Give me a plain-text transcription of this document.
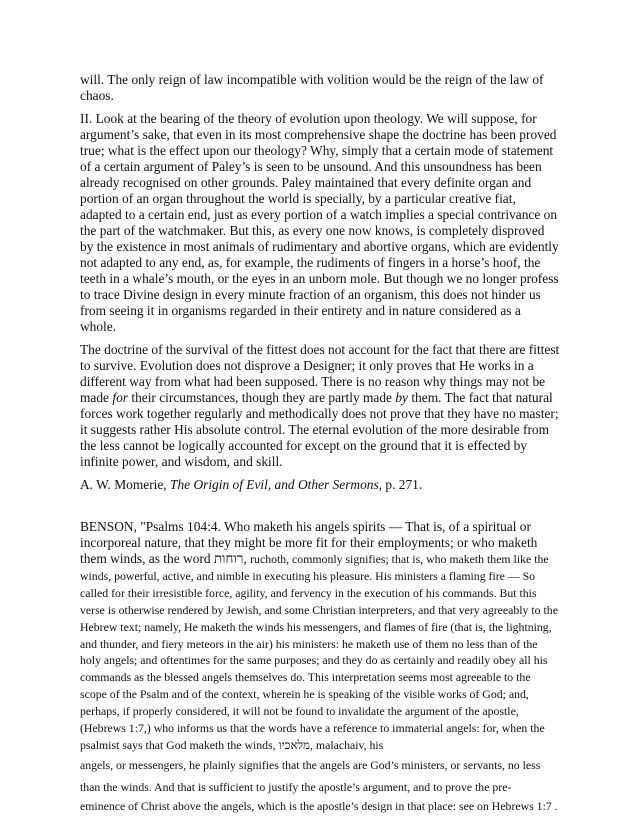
will. The only reign of law incompatible with volition would be the reign of the law of chaos.

II. Look at the bearing of the theory of evolution upon theology. We will suppose, for argument’s sake, that even in its most comprehensive shape the doctrine has been proved true; what is the effect upon our theology? Why, simply that a certain mode of statement of a certain argument of Paley’s is seen to be unsound. And this unsoundness has been already recognised on other grounds. Paley maintained that every definite organ and portion of an organ throughout the world is specially, by a particular creative fiat, adapted to a certain end, just as every portion of a watch implies a special contrivance on the part of the watchmaker. But this, as every one now knows, is completely disproved by the existence in most animals of rudimentary and abortive organs, which are evidently not adapted to any end, as, for example, the rudiments of fingers in a horse’s hoof, the teeth in a whale’s mouth, or the eyes in an unborn mole. But though we no longer profess to trace Divine design in every minute fraction of an organism, this does not hinder us from seeing it in organisms regarded in their entirety and in nature considered as a whole.

The doctrine of the survival of the fittest does not account for the fact that there are fittest to survive. Evolution does not disprove a Designer; it only proves that He works in a different way from what had been supposed. There is no reason why things may not be made for their circumstances, though they are partly made by them. The fact that natural forces work together regularly and methodically does not prove that they have no master; it suggests rather His absolute control. The eternal evolution of the more desirable from the less cannot be logically accounted for except on the ground that it is effected by infinite power, and wisdom, and skill.

A. W. Momerie, The Origin of Evil, and Other Sermons, p. 271.

BENSON, "Psalms 104:4. Who maketh his angels spirits — That is, of a spiritual or incorporeal nature, that they might be more fit for their employments; or who maketh them winds, as the word רוחות, ruchoth, commonly signifies; that is, who maketh them like the winds, powerful, active, and nimble in executing his pleasure. His ministers a flaming fire — So called for their irresistible force, agility, and fervency in the execution of his commands. But this verse is otherwise rendered by Jewish, and some Christian interpreters, and that very agreeably to the Hebrew text; namely, He maketh the winds his messengers, and flames of fire (that is, the lightning, and thunder, and fiery meteors in the air) his ministers: he maketh use of them no less than of the holy angels; and oftentimes for the same purposes; and they do as certainly and readily obey all his commands as the blessed angels themselves do. This interpretation seems most agreeable to the scope of the Psalm and of the context, wherein he is speaking of the visible works of God; and, perhaps, if properly considered, it will not be found to invalidate the argument of the apostle, (Hebrews 1:7,) who informs us that the words have a reference to immaterial angels: for, when the psalmist says that God maketh the winds, מלאכיו, malachaiv, his

angels, or messengers, he plainly signifies that the angels are God’s ministers, or servants, no less than the winds. And that is sufficient to justify the apostle’s argument, and to prove the pre-

eminence of Christ above the angels, which is the apostle’s design in that place: see on Hebrews 1:7 .
